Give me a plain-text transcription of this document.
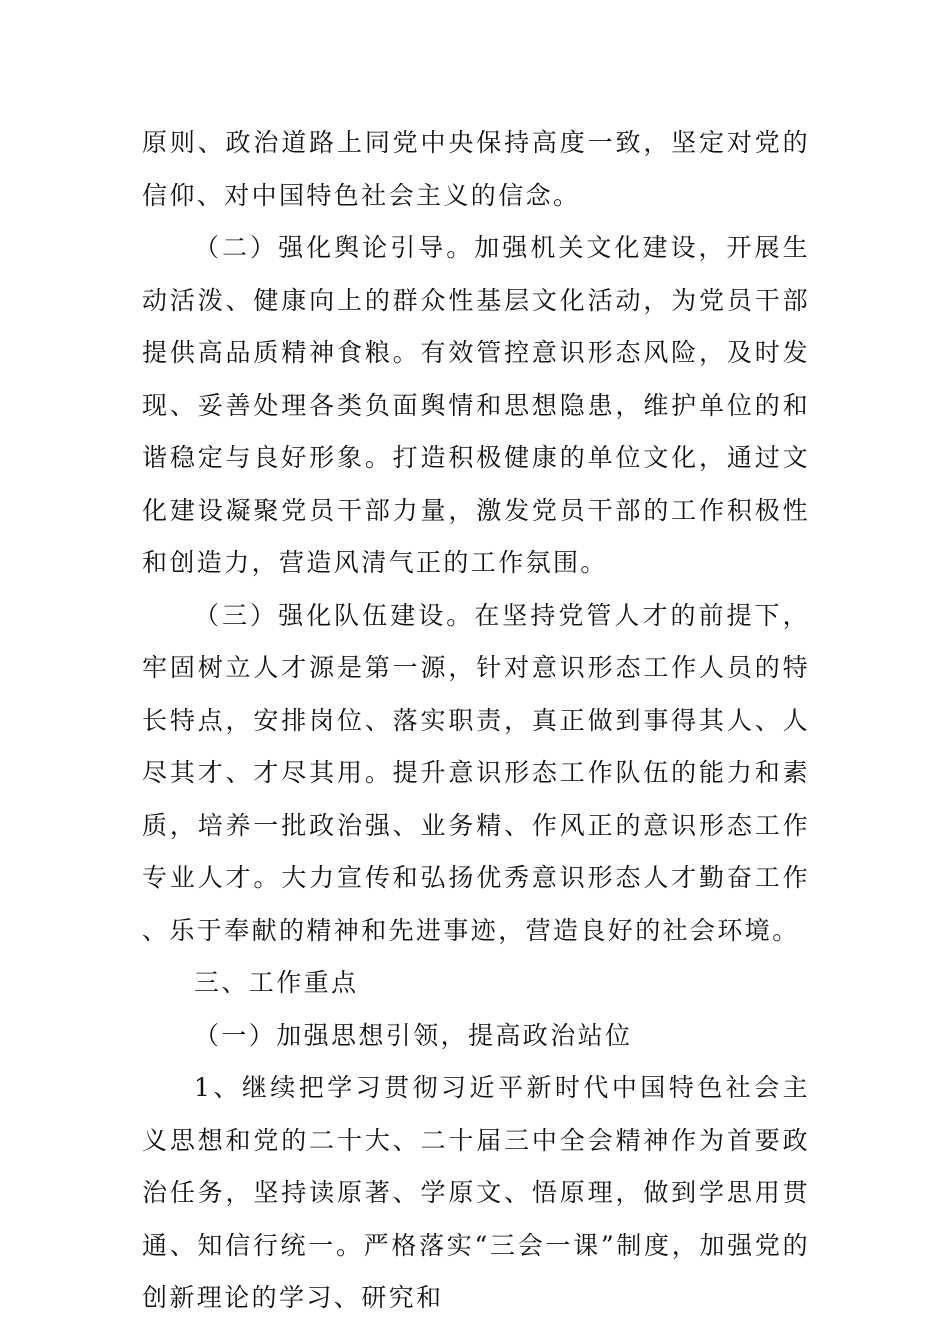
原则、政治道路上同党中央保持高度一致，坚定对党的信仰、对中国特色社会主义的信念。

（二）强化舆论引导。加强机关文化建设，开展生动活泼、健康向上的群众性基层文化活动，为党员干部提供高品质精神食粮。有效管控意识形态风险，及时发现、妥善处理各类负面舆情和思想隐患，维护单位的和谐稳定与良好形象。打造积极健康的单位文化，通过文化建设凝聚党员干部力量，激发党员干部的工作积极性和创造力，营造风清气正的工作氛围。

（三）强化队伍建设。在坚持党管人才的前提下，牢固树立人才源是第一源，针对意识形态工作人员的特长特点，安排岗位、落实职责，真正做到事得其人、人尽其才、才尽其用。提升意识形态工作队伍的能力和素质，培养一批政治强、业务精、作风正的意识形态工作专业人才。大力宣传和弘扬优秀意识形态人才勤奋工作、乐于奉献的精神和先进事迹，营造良好的社会环境。

三、工作重点

（一）加强思想引领，提高政治站位

1、继续把学习贯彻习近平新时代中国特色社会主义思想和党的二十大、二十届三中全会精神作为首要政治任务，坚持读原著、学原文、悟原理，做到学思用贯通、知信行统一。严格落实“三会一课”制度，加强党的创新理论的学习、研究和
